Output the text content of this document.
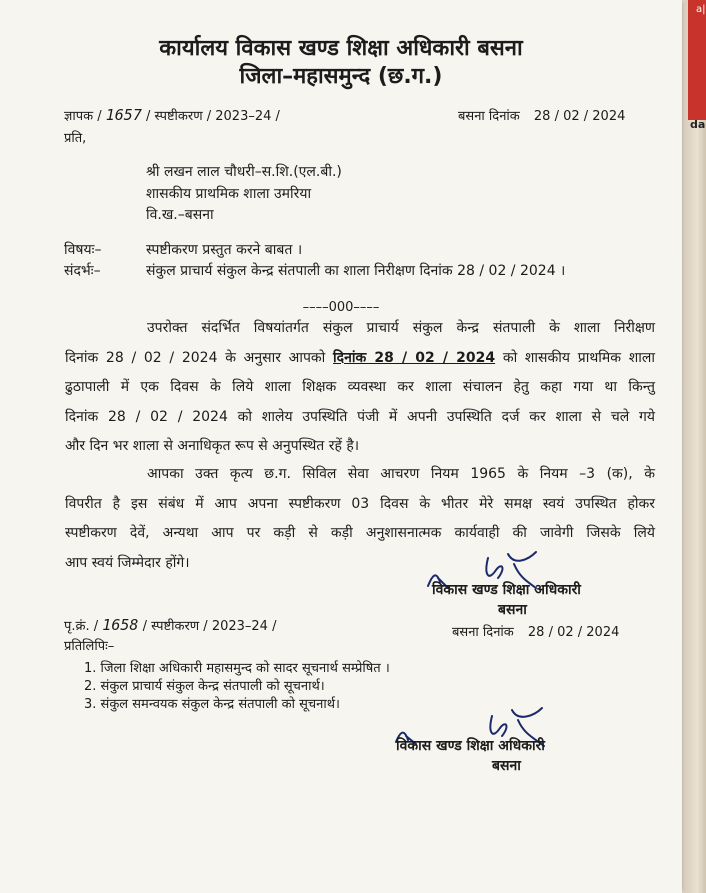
कार्यालय विकास खण्ड शिक्षा अधिकारी बसना
जिला–महासमुन्द (छ.ग.)
ज्ञापक / 1657 / स्पष्टीकरण / 2023–24 /	बसना दिनांक 28 / 02 / 2024
प्रति,
श्री लखन लाल चौधरी–स.शि.(एल.बी.)
शासकीय प्राथमिक शाला उमरिया
वि.ख.–बसना
विषयः–	स्पष्टीकरण प्रस्तुत करने बाबत ।
संदर्भः–	संकुल प्राचार्य संकुल केन्द्र संतपाली का शाला निरीक्षण दिनांक 28 / 02 / 2024 ।
––––000––––
उपरोक्त संदर्भित विषयांतर्गत संकुल प्राचार्य संकुल केन्द्र संतपाली के शाला निरीक्षण
दिनांक 28 / 02 / 2024 के अनुसार आपको दिनांक 28 / 02 / 2024 को शासकीय प्राथमिक शाला
ढुठापाली में एक दिवस के लिये शाला शिक्षक व्यवस्था कर शाला संचालन हेतु कहा गया था किन्तु
दिनांक 28 / 02 / 2024 को शालेय उपस्थिति पंजी में अपनी उपस्थिति दर्ज कर शाला से चले गये
और दिन भर शाला से अनाधिकृत रूप से अनुपस्थित रहें है।
आपका उक्त कृत्य छ.ग. सिविल सेवा आचरण नियम 1965 के नियम –3 (क), के
विपरीत है इस संबंध में आप अपना स्पष्टीकरण 03 दिवस के भीतर मेरे समक्ष स्वयं उपस्थित होकर
स्पष्टीकरण देवें, अन्यथा आप पर कड़ी से कड़ी अनुशासनात्मक कार्यवाही की जावेगी जिसके लिये
आप स्वयं जिम्मेदार होंगे।
विकास खण्ड शिक्षा अधिकारी
बसना
पृ.क्रं. / 1658 / स्पष्टीकरण / 2023–24 /	बसना दिनांक 28 / 02 / 2024
प्रतिलिपिः–
1. जिला शिक्षा अधिकारी महासमुन्द को सादर सूचनार्थ सम्प्रेषित ।
2. संकुल प्राचार्य संकुल केन्द्र संतपाली को सूचनार्थ।
3. संकुल समन्वयक संकुल केन्द्र संतपाली को सूचनार्थ।
विकास खण्ड शिक्षा अधिकारी
बसना
a|
da
